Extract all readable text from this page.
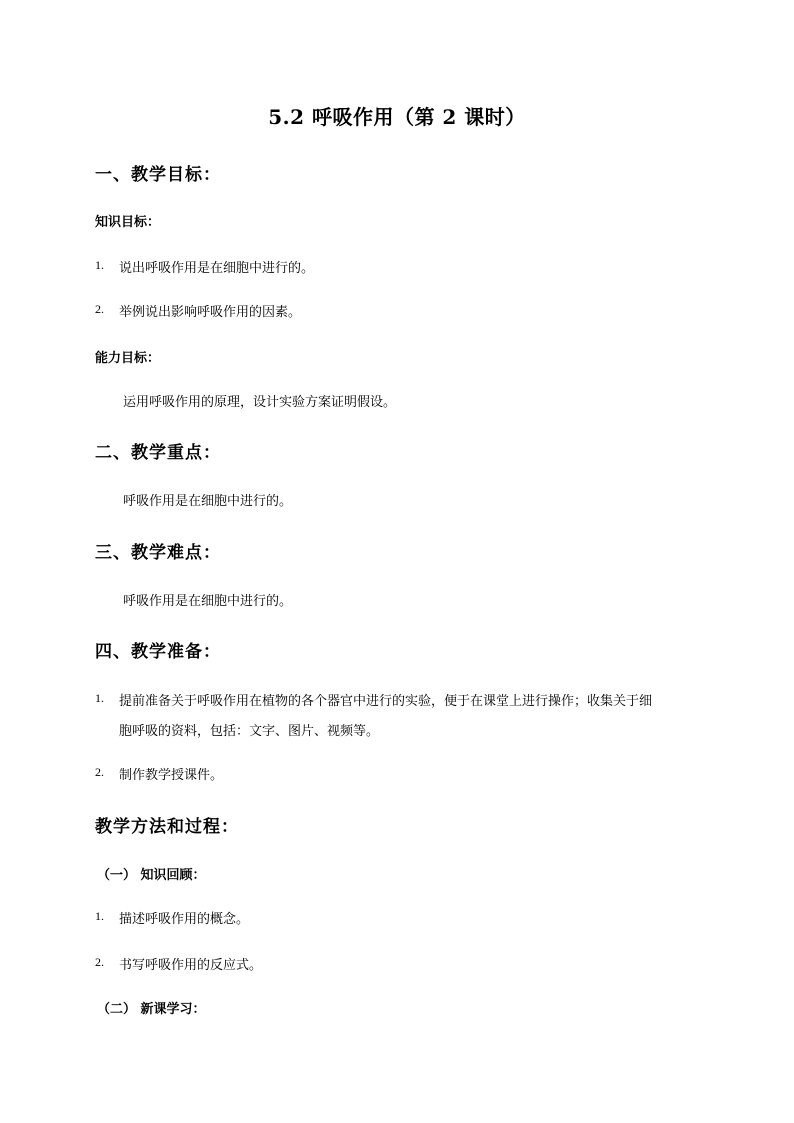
5.2 呼吸作用（第 2 课时）
一、教学目标：
知识目标：
1. 说出呼吸作用是在细胞中进行的。
2. 举例说出影响呼吸作用的因素。
能力目标：
运用呼吸作用的原理，设计实验方案证明假设。
二、教学重点：
呼吸作用是在细胞中进行的。
三、教学难点：
呼吸作用是在细胞中进行的。
四、教学准备：
1. 提前准备关于呼吸作用在植物的各个器官中进行的实验，便于在课堂上进行操作；收集关于细
胞呼吸的资料，包括：文字、图片、视频等。
2. 制作教学授课件。
教学方法和过程：
（一） 知识回顾：
1. 描述呼吸作用的概念。
2. 书写呼吸作用的反应式。
（二） 新课学习：
